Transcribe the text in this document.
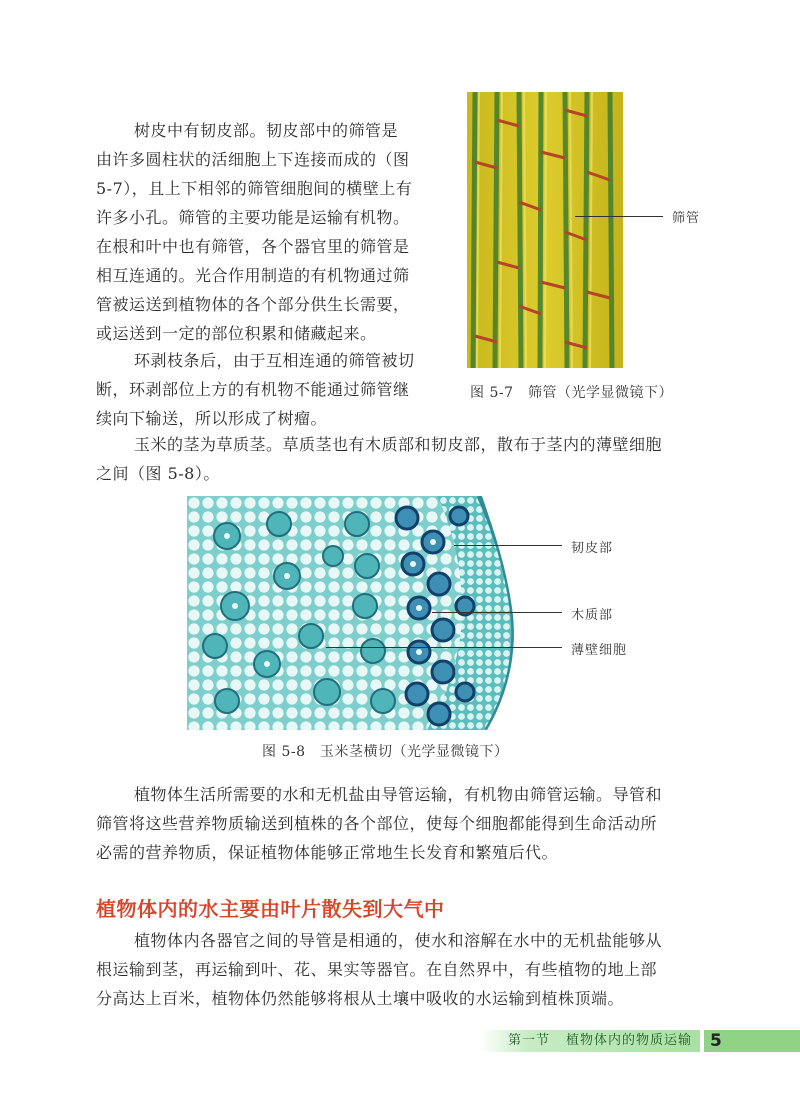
树皮中有韧皮部。韧皮部中的筛管是
由许多圆柱状的活细胞上下连接而成的（图
5-7），且上下相邻的筛管细胞间的横壁上有
许多小孔。筛管的主要功能是运输有机物。
在根和叶中也有筛管，各个器官里的筛管是
相互连通的。光合作用制造的有机物通过筛
管被运送到植物体的各个部分供生长需要，
或运送到一定的部位积累和储藏起来。
环剥枝条后，由于互相连通的筛管被切
断，环剥部位上方的有机物不能通过筛管继
续向下输送，所以形成了树瘤。
筛管
图 5-7　筛管（光学显微镜下）
玉米的茎为草质茎。草质茎也有木质部和韧皮部，散布于茎内的薄壁细胞
之间（图 5-8）。
韧皮部
木质部
薄壁细胞
图 5-8　玉米茎横切（光学显微镜下）
植物体生活所需要的水和无机盐由导管运输，有机物由筛管运输。导管和
筛管将这些营养物质输送到植株的各个部位，使每个细胞都能得到生命活动所
必需的营养物质，保证植物体能够正常地生长发育和繁殖后代。
植物体内的水主要由叶片散失到大气中
植物体内各器官之间的导管是相通的，使水和溶解在水中的无机盐能够从
根运输到茎，再运输到叶、花、果实等器官。在自然界中，有些植物的地上部
分高达上百米，植物体仍然能够将根从土壤中吸收的水运输到植株顶端。
第一节 植物体内的物质运输	5
